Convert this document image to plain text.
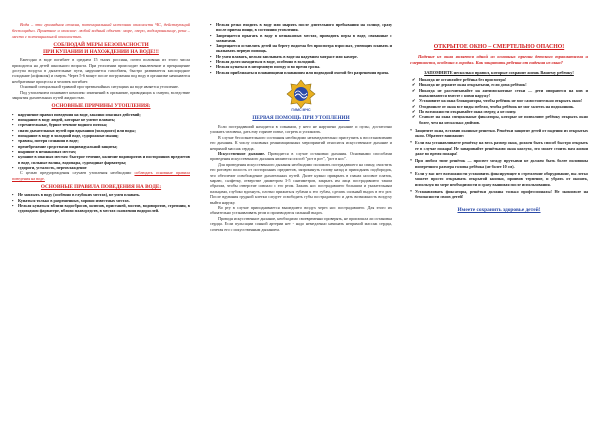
Вода – это громадная стихия, потенциальный источник опасности ЧС, действующий беспощадно. Приятное и опасное: любой водный объект: море, озеро, водохранилище, река – место с потенциальной опасностью.

СОБЛЮДАЙ МЕРЫ БЕЗОПАСНОСТИ
ПРИ КУПАНИИ И НАХОЖДЕНИИ НА ВОДЕ!!!

Ежегодно в воде погибает в среднем 15 тысяч россиян, почти половина из этого числа приходится на детей школьного возраста. При утоплении происходит выключение и прекращение доступа воздуха в дыхательные пути, нарушается газообмен, быстро развивается кислородное голодание (асфиксия) и смерть. Через 5-6 минут после погружения под воду в организме начинаются необратимые процессы и человек погибает.

Основной специальной травмой при чрезвычайных ситуациях на воде является утопление.

Под утоплением понимают комплекс изменений в организме, приводящих к смерти, вследствие закрытия дыхательных путей жидкостью.

ОСНОВНЫЕ ПРИЧИНЫ УТОПЛЕНИЯ:
• нарушение правил поведения на воде, законно опасных действий;
• попадание в воду людей, которые не умеют плавать;
• стремительные, бурное течение водного потока;
• спазм дыхательных путей при вдыхании (холодного) или воды;
• попадание в воду в холодной воде, судорожные мышц;
• травмы, потеря сознания в воде;
• пренебрежение средствами индивидуальной защиты;
• ныряние в незнакомых местах;
• купание в опасных местах: быстрое течение, наличие водоворотов и посторонних предметов в воде, сильные волны, водопады, судоходные фарватеры;
• судороги, усталость, переохлаждение

С целью предупреждения случаев утопления необходимо соблюдать основные правила поведения на воде.

ОСНОВНЫЕ ПРАВИЛА ПОВЕДЕНИЯ НА ВОДЕ:
• Не заплыть в воду (особенно в глубоких местах), не умея плавать.
• Купаться только в разрешенных, хорошо известных местах.
• Нельзя купаться вблизи водосбросов, шлюзов, пристаней, мостов, водоворотов, стремнин, в судоходном фарватере, вблизи плавсредств, в местах скопления водорослей.
• Нельзя резко входить в воду или нырять после длительного пребывания на солнце, сразу после приема пищи, в состоянии утомления.
• Запрещается прыгать в воду в незнакомых местах, проводить игры в воде, связанные с захватами.
• Запрещается оставлять детей на берегу водоема без присмотра взрослых, умеющих плавать и оказывать первую помощь.
• Не умея плавать, нельзя заплывать в воде на надувном матрасе или камере.
• Нельзя долго находиться в воде, особенно в холодной.
• Нельзя купаться в штормовую погоду и во время грозы.
• Нельзя приближаться плавающими плаваниям или подводной охотой без разрешения врача.
ГИМС МЧС
ПЕРВАЯ ПОМОЩЬ ПРИ УТОПЛЕНИИ

Если пострадавший находится в сознании, у него не нарушено дыхание и пульс, достаточно уложить человека, дать ему горячее питье, согреть и успокоить.

В случае бессознательного состояния необходимо незамедлительно приступить к восстановлению его дыхания. К числу основных реанимационных мероприятий относятся искусственное дыхание и непрямой массаж сердца.

Искусственное дыхание. Проводится в случае остановки дыхания. Основными способами проведения искусственного дыхания являются способ "рот в рот", "рот в нос".

Для проведения искусственного дыхания необходимо положить пострадавшего на спину, очистить его ротовую полость от посторонних предметов, запрокинуть голову назад и приподнять подбородок, что обеспечит освобождение дыхательных путей. Далее нужно прикрыть в гланах носовое платок, марлю, салфетку, отверстие диаметром 3-5 сантиметров, закрыть им лица пострадавшего таким образом, чтобы отверстие совпало с его ртом. Зажать нос пострадавшего большим и указательным пальцами, глубоко вдохнуть, плотно прижаться губами к его губам, сделать сильный выдох в его рот. После вдувания грудной клетки следует освободить губы пострадавшего и дать возможность воздуху выйти наружу.

Во рту в случае приподнимается вышедшего воздух через нос пострадавшего. Для этого их обязательно устанавливать ртом и производится сильный выдох.

Проводя искусственное дыхание, необходимо своевременно проверять, не произошла ли остановка сердца. Если пульсации сонной артерии нет - надо немедленно начинать непрямой массаж сердца, сочетая его с искусственным дыханием.

ОТКРЫТОЕ ОКНО – СМЕРТЕЛЬНО ОПАСНО!

Падение из окна является одной из основных причин детского травматизма и смертности, особенно в городах. Как защитить ребенка от падения из окна?

ЗАПОМНИТЕ несколько правил, которые сохранят жизнь Вашему ребенку!
✔ Никогда не оставляйте ребёнка без присмотра!
✔ Никогда не держите окна открытыми, если дома ребёнок!
✔ Никогда не рассчитывайте на антимоскитные сетки — дети опираются на них и вываливаются вместе с ними наружу!
✔ Установите на окна блокираторы, чтобы ребёнок не мог самостоятельно открыть окно!
✔ Отодвиньте от окна все виды мебели, чтобы ребёнок не мог залезть на подоконник.
✔ По возможности открывайте окна сверху, а не снизу.
✔ Ставьте на окна специальные фиксаторы, которые не позволяют ребёнку открыть окно более, чем на несколько дюймов.
* Защитите окна, вставив оконные решетки. Решётки защитят детей от падения из открытых окон. Обратите внимание:
* Если вы устанавливаете решётку на весь размер окна, должен быть способ быстро открыть ее в случае пожара! Не заваривайте решётками окна наглухо, это может стоить вам жизни даже во время пожара!
* При любом типе решёток — просвет между прутьями не должен быть более половины поперечного размера головы ребёнка (не более 10 см).
* Если у вас нет возможности установить фиксирующее в стремление оборудование, вы легко можете просто открывать открытой кнопки, проявив терпение, и убрать от окошек, используя по мере необходимости и сразу вынимая после использования.
* Устанавливать фиксаторы, решётки должны только профессионалы! Не экономьте на безопасности своих детей!
Имеете сохранить здоровье детей!
